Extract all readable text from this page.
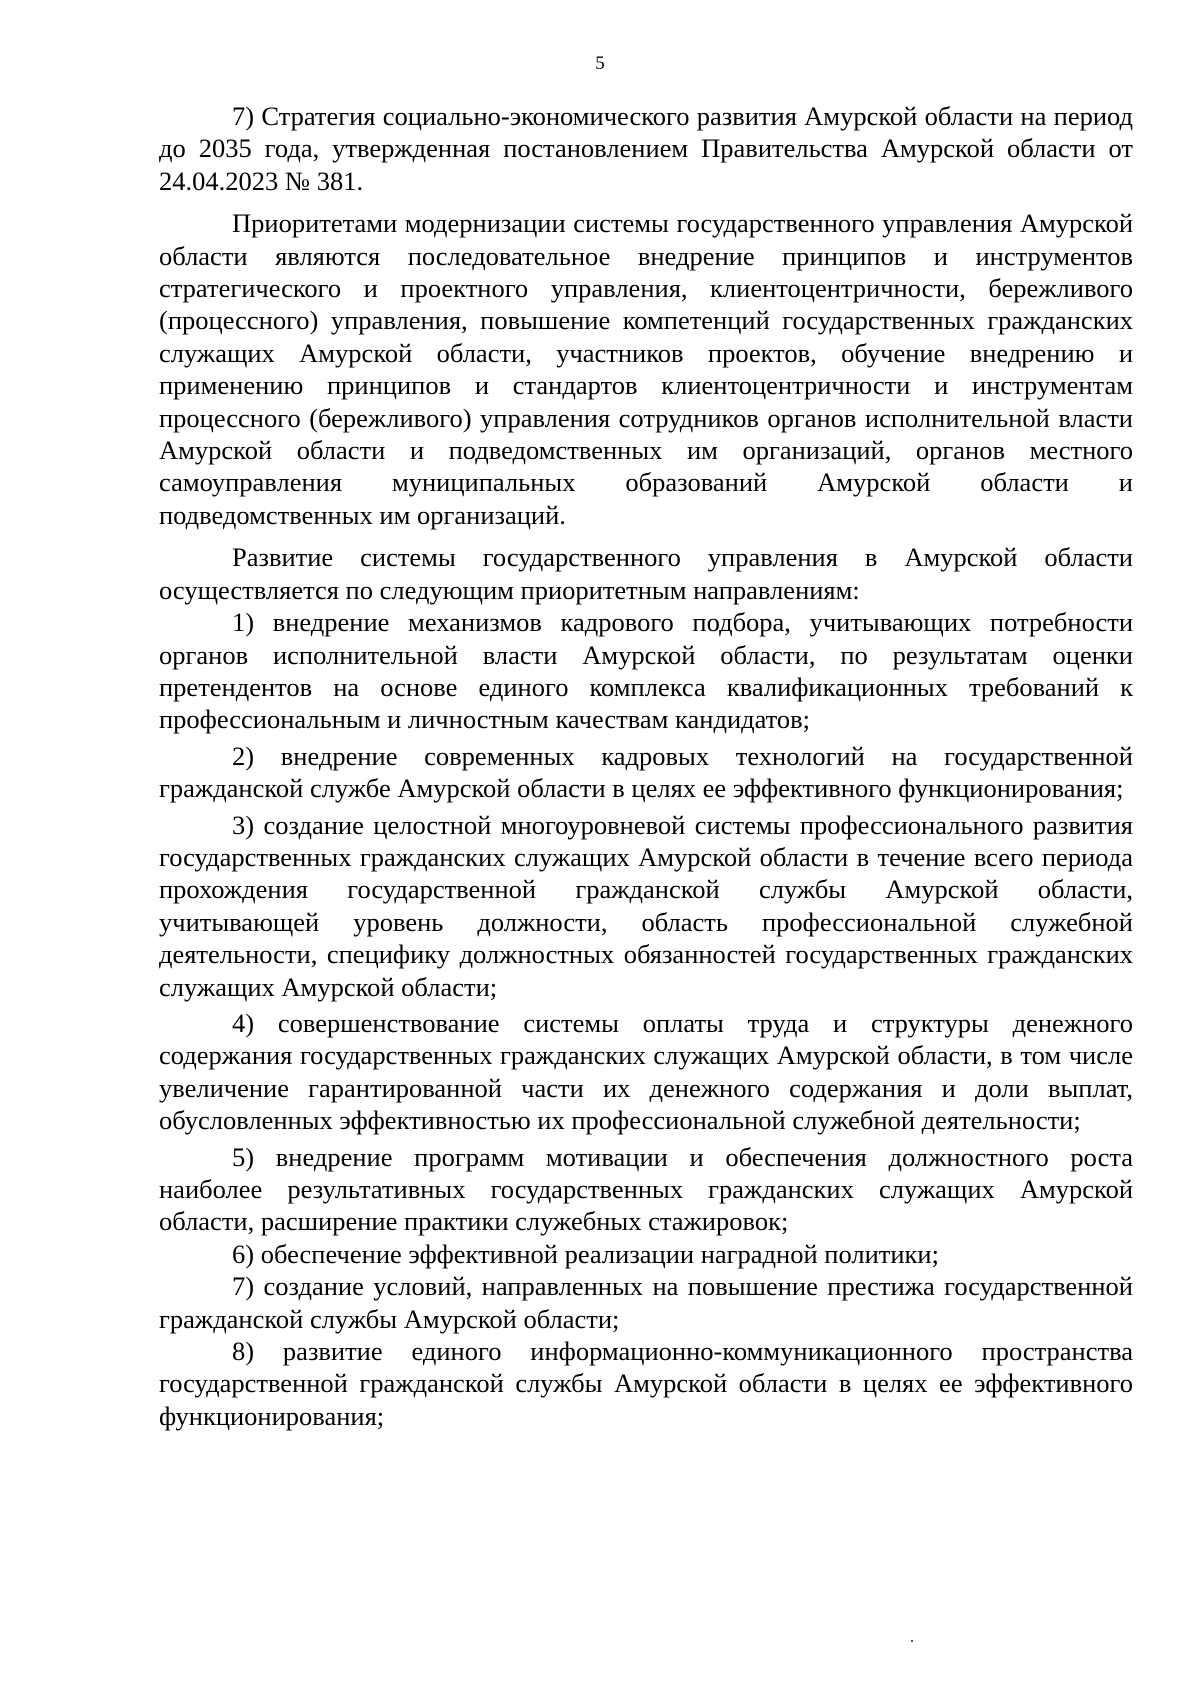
5

7) Стратегия социально-экономического развития Амурской области на период до 2035 года, утвержденная постановлением Правительства Амурской области от 24.04.2023 № 381.

Приоритетами модернизации системы государственного управления Амурской области являются последовательное внедрение принципов и инструментов стратегического и проектного управления, клиентоцентричности, бережливого (процессного) управления, повышение компетенций государственных гражданских служащих Амурской области, участников проектов, обучение внедрению и применению принципов и стандартов клиентоцентричности и инструментам процессного (бережливого) управления сотрудников органов исполнительной власти Амурской области и подведомственных им организаций, органов местного самоуправления муниципальных образований Амурской области и подведомственных им организаций.

Развитие системы государственного управления в Амурской области осуществляется по следующим приоритетным направлениям:

1) внедрение механизмов кадрового подбора, учитывающих потребности органов исполнительной власти Амурской области, по результатам оценки претендентов на основе единого комплекса квалификационных требований к профессиональным и личностным качествам кандидатов;

2) внедрение современных кадровых технологий на государственной гражданской службе Амурской области в целях ее эффективного функционирования;

3) создание целостной многоуровневой системы профессионального развития государственных гражданских служащих Амурской области в течение всего периода прохождения государственной гражданской службы Амурской области, учитывающей уровень должности, область профессиональной служебной деятельности, специфику должностных обязанностей государственных гражданских служащих Амурской области;

4) совершенствование системы оплаты труда и структуры денежного содержания государственных гражданских служащих Амурской области, в том числе увеличение гарантированной части их денежного содержания и доли выплат, обусловленных эффективностью их профессиональной служебной деятельности;

5) внедрение программ мотивации и обеспечения должностного роста наиболее результативных государственных гражданских служащих Амурской области, расширение практики служебных стажировок;

6) обеспечение эффективной реализации наградной политики;

7) создание условий, направленных на повышение престижа государственной гражданской службы Амурской области;

8) развитие единого информационно-коммуникационного пространства государственной гражданской службы Амурской области в целях ее эффективного функционирования;
